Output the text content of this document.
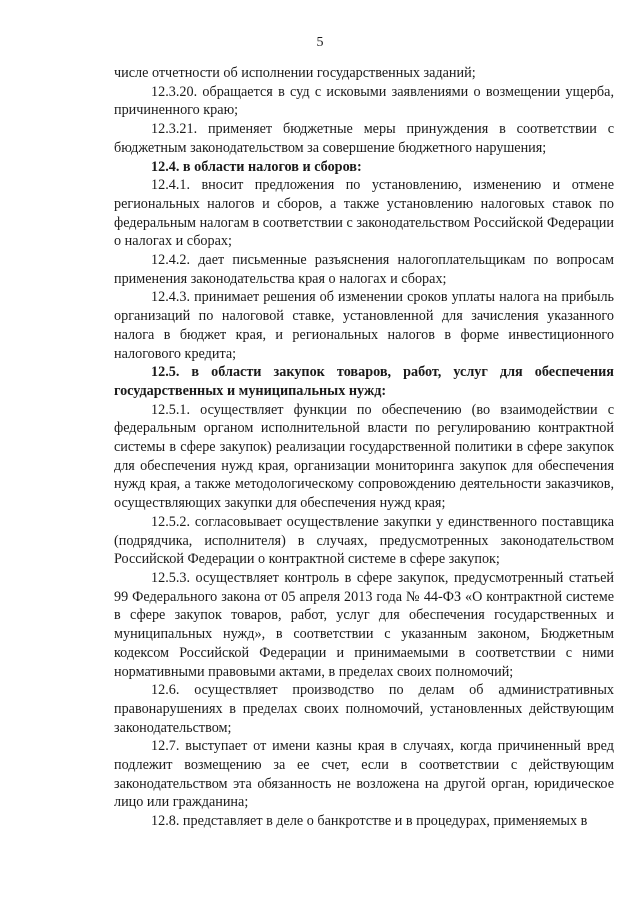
5

числе отчетности об исполнении государственных заданий;

12.3.20. обращается в суд с исковыми заявлениями о возмещении ущерба, причиненного краю;

12.3.21. применяет бюджетные меры принуждения в соответствии с бюджетным законодательством за совершение бюджетного нарушения;

12.4. в области налогов и сборов:

12.4.1. вносит предложения по установлению, изменению и отмене региональных налогов и сборов, а также установлению налоговых ставок по федеральным налогам в соответствии с законодательством Российской Федерации о налогах и сборах;

12.4.2. дает письменные разъяснения налогоплательщикам по вопросам применения законодательства края о налогах и сборах;

12.4.3. принимает решения об изменении сроков уплаты налога на прибыль организаций по налоговой ставке, установленной для зачисления указанного налога в бюджет края, и региональных налогов в форме инвестиционного налогового кредита;

12.5. в области закупок товаров, работ, услуг для обеспечения государственных и муниципальных нужд:

12.5.1. осуществляет функции по обеспечению (во взаимодействии с федеральным органом исполнительной власти по регулированию контрактной системы в сфере закупок) реализации государственной политики в сфере закупок для обеспечения нужд края, организации мониторинга закупок для обеспечения нужд края, а также методологическому сопровождению деятельности заказчиков, осуществляющих закупки для обеспечения нужд края;

12.5.2. согласовывает осуществление закупки у единственного поставщика (подрядчика, исполнителя) в случаях, предусмотренных законодательством Российской Федерации о контрактной системе в сфере закупок;

12.5.3. осуществляет контроль в сфере закупок, предусмотренный статьей 99 Федерального закона от 05 апреля 2013 года № 44-ФЗ «О контрактной системе в сфере закупок товаров, работ, услуг для обеспечения государственных и муниципальных нужд», в соответствии с указанным законом, Бюджетным кодексом Российской Федерации и принимаемыми в соответствии с ними нормативными правовыми актами, в пределах своих полномочий;

12.6. осуществляет производство по делам об административных правонарушениях в пределах своих полномочий, установленных действующим законодательством;

12.7. выступает от имени казны края в случаях, когда причиненный вред подлежит возмещению за ее счет, если в соответствии с действующим законодательством эта обязанность не возложена на другой орган, юридическое лицо или гражданина;

12.8. представляет в деле о банкротстве и в процедурах, применяемых в
